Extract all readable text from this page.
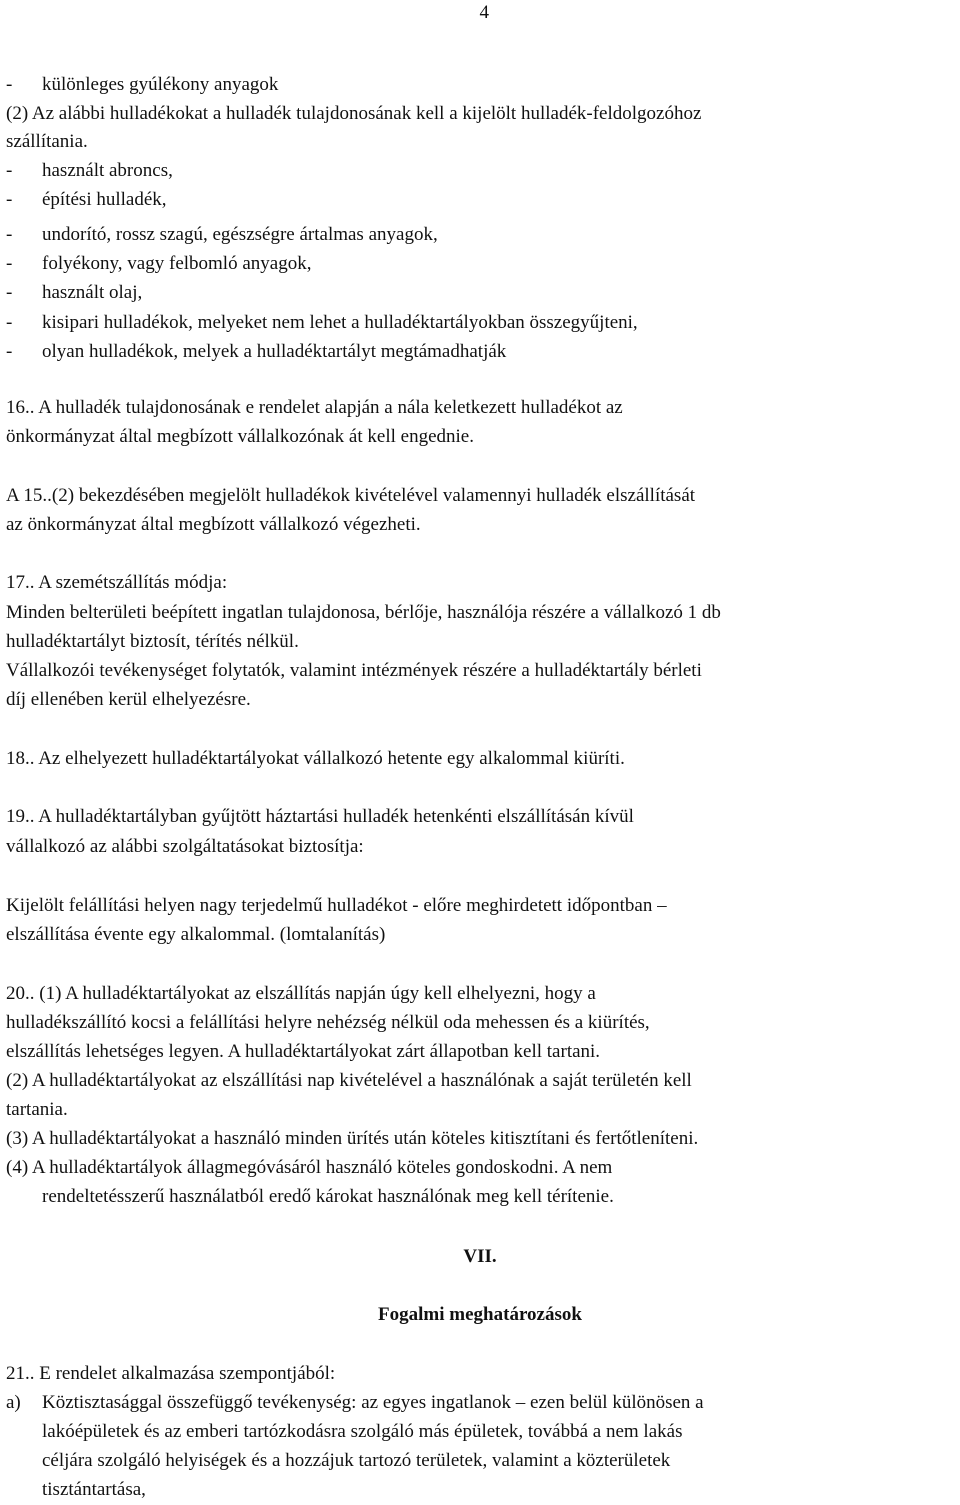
4
- különleges gyúlékony anyagok
(2) Az alábbi hulladékokat a hulladék tulajdonosának kell a kijelölt hulladék-feldolgozóhoz
szállítania.
- használt abroncs,
- építési hulladék,
- undorító, rossz szagú, egészségre ártalmas anyagok,
- folyékony, vagy felbomló anyagok,
- használt olaj,
- kisipari hulladékok, melyeket nem lehet a hulladéktartályokban összegyűjteni,
- olyan hulladékok, melyek a hulladéktartályt megtámadhatják
16.. A hulladék tulajdonosának e rendelet alapján a nála keletkezett hulladékot az
önkormányzat által megbízott vállalkozónak át kell engednie.
A 15..(2) bekezdésében megjelölt hulladékok kivételével valamennyi hulladék elszállítását
az önkormányzat által megbízott vállalkozó végezheti.
17.. A szemétszállítás módja:
Minden belterületi beépített ingatlan tulajdonosa, bérlője, használója részére a vállalkozó 1 db
hulladéktartályt biztosít, térítés nélkül.
Vállalkozói tevékenységet folytatók, valamint intézmények részére a hulladéktartály bérleti
díj ellenében kerül elhelyezésre.
18.. Az elhelyezett hulladéktartályokat vállalkozó hetente egy alkalommal kiüríti.
19.. A hulladéktartályban gyűjtött háztartási hulladék hetenkénti elszállításán kívül
vállalkozó az alábbi szolgáltatásokat biztosítja:
Kijelölt felállítási helyen nagy terjedelmű hulladékot - előre meghirdetett időpontban –
elszállítása évente egy alkalommal. (lomtalanítás)
20.. (1) A hulladéktartályokat az elszállítás napján úgy kell elhelyezni, hogy a
hulladékszállító kocsi a felállítási helyre nehézség nélkül oda mehessen és a kiürítés,
elszállítás lehetséges legyen. A hulladéktartályokat zárt állapotban kell tartani.
(2) A hulladéktartályokat az elszállítási nap kivételével a használónak a saját területén kell
tartania.
(3) A hulladéktartályokat a használó minden ürítés után köteles kitisztítani és fertőtleníteni.
(4) A hulladéktartályok állagmegóvásáról használó köteles gondoskodni. A nem
rendeltetésszerű használatból eredő károkat használónak meg kell térítenie.
VII.
Fogalmi meghatározások
21.. E rendelet alkalmazása szempontjából:
a) Köztisztasággal összefüggő tevékenység: az egyes ingatlanok – ezen belül különösen a
lakóépületek és az emberi tartózkodásra szolgáló más épületek, továbbá a nem lakás
céljára szolgáló helyiségek és a hozzájuk tartozó területek, valamint a közterületek
tisztántartása,
